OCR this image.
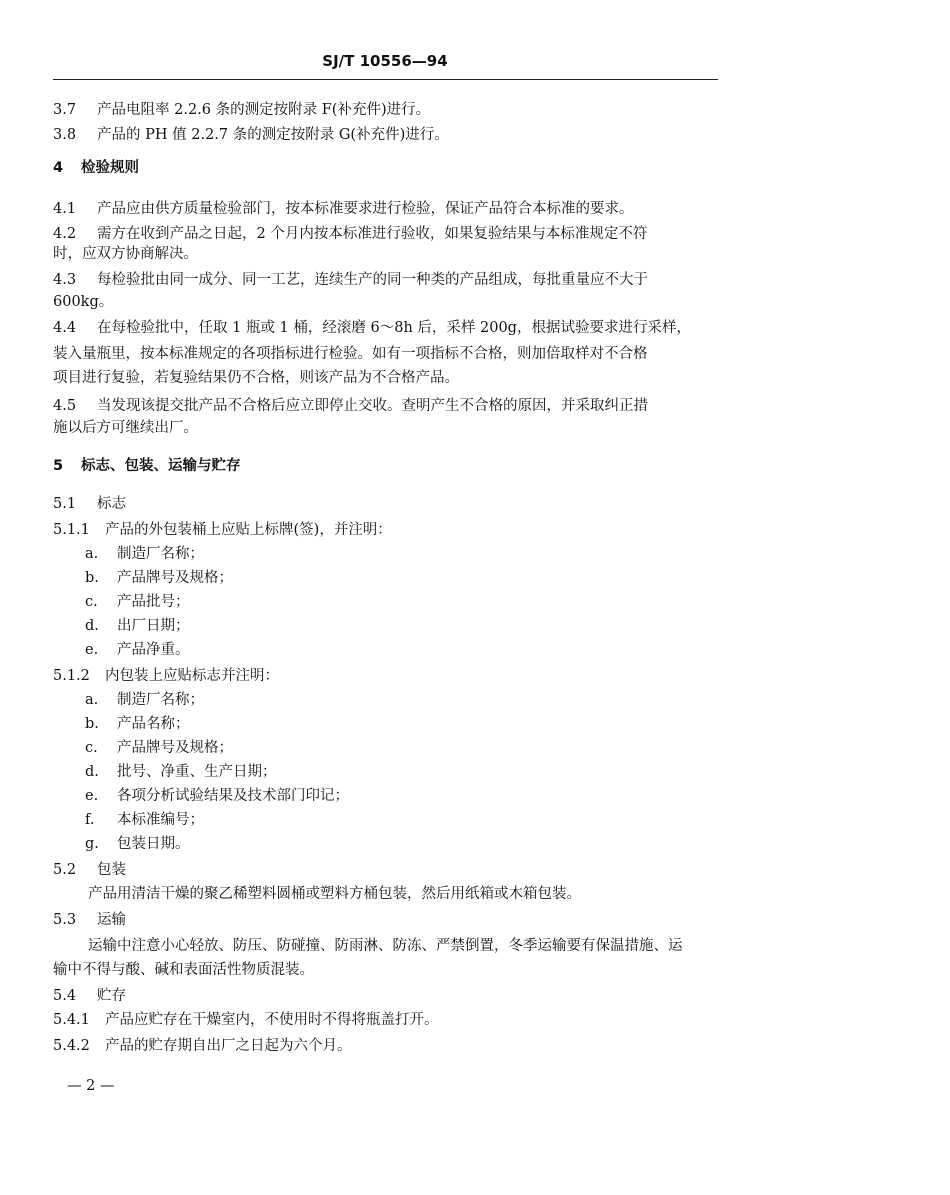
SJ/T 10556—94
3.7 产品电阻率 2.2.6 条的测定按附录 F(补充件)进行。
3.8 产品的 PH 值 2.2.7 条的测定按附录 G(补充件)进行。
4 检验规则
4.1 产品应由供方质量检验部门，按本标准要求进行检验，保证产品符合本标准的要求。
4.2 需方在收到产品之日起，2 个月内按本标准进行验收，如果复验结果与本标准规定不符
时，应双方协商解决。
4.3 每检验批由同一成分、同一工艺，连续生产的同一种类的产品组成，每批重量应不大于
600kg。
4.4 在每检验批中，任取 1 瓶或 1 桶，经滚磨 6～8h 后，采样 200g，根据试验要求进行采样，
装入量瓶里，按本标准规定的各项指标进行检验。如有一项指标不合格，则加倍取样对不合格
项目进行复验，若复验结果仍不合格，则该产品为不合格产品。
4.5 当发现该提交批产品不合格后应立即停止交收。查明产生不合格的原因，并采取纠正措
施以后方可继续出厂。
5 标志、包装、运输与贮存
5.1 标志
5.1.1 产品的外包装桶上应贴上标牌(签)，并注明：
a. 制造厂名称；
b. 产品牌号及规格；
c. 产品批号；
d. 出厂日期；
e. 产品净重。
5.1.2 内包装上应贴标志并注明：
a. 制造厂名称；
b. 产品名称；
c. 产品牌号及规格；
d. 批号、净重、生产日期；
e. 各项分析试验结果及技术部门印记；
f. 本标准编号；
g. 包装日期。
5.2 包装
产品用清洁干燥的聚乙稀塑料圆桶或塑料方桶包装，然后用纸箱或木箱包装。
5.3 运输
运输中注意小心轻放、防压、防碰撞、防雨淋、防冻、严禁倒置，冬季运输要有保温措施、运
输中不得与酸、碱和表面活性物质混装。
5.4 贮存
5.4.1 产品应贮存在干燥室内，不使用时不得将瓶盖打开。
5.4.2 产品的贮存期自出厂之日起为六个月。
— 2 —
